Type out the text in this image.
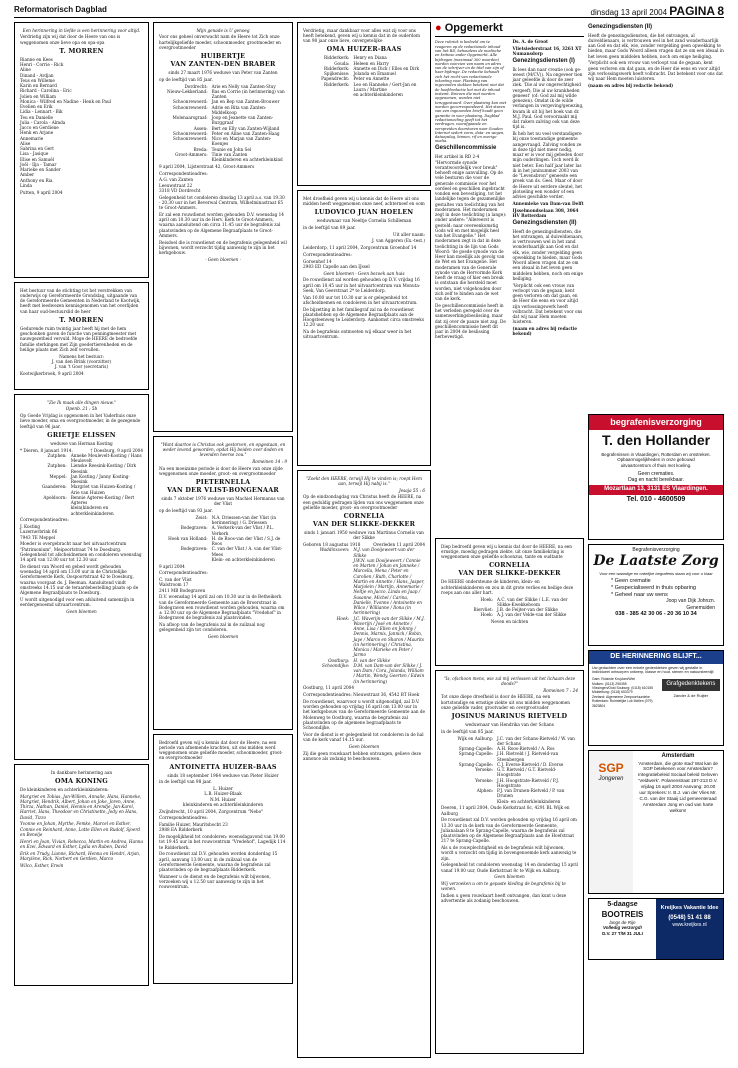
Reformatorisch Dagblad	dinsdag 13 april 2004 PAGINA 8

Een herinnering in liefde is een herinnering voor altijd.

Verdrietig zijn wij dat door de Heere van ons is weggenomen onze lieve opa en opa-opa

T. MORREN

Rianne en Kees
Henri - Corrie - Rick
Aline
Dinand - Ardjan
Teus en Willeme
Karin en Bernard
Richard - Carolina - Eric
Jolien en William
Monica - Wilfred en Nadine - Henk en Paul
Evelien en Erik
Lidia - Lennart - Bik
Teu en Danielle
Julia - Carola - Almda
Jacco en Gerdiene
Henk en Arjane
Annemarie
Alise
Sabrina en Gert
Lisa - Jasique
Elise en Samuël
Joël - Ilja - Tamar
Marieke en Sander
Amber
Anthony en Ria
Linda

Putten, 9 april 2004

Het bestuur van de stichting tot het verstrekken van onderwijs op Gereformeerde Grondslag, uitgaande van de Gereformeerde Gemeenten in Nederland te Kootwijk, heeft met leedwezen kennisgenomen van het overlijden van haar oud-bestuurslid de heer

T. MORREN

Gedurende ruim twintig jaar heeft hij met de hem geschonken gaven de functie van penningmeester met nauwgezetheid vervuld. Moge de HEERE de bedroefde familie sterkingen met Zijn goedertierenheden en de heilige plaats met Zich zelf vervullen.

Namens het bestuur:
J. van den Brink (voorzitter)
J. van 't Goor (secretaris)

Kootwijkerbroek, 9 april 2004

"Zie Ik maak alle dingen nieuw."

Openb. 21 : 5b

Op Goede Vrijdag is opgenomen in het Vaderhuis onze lieve moeder, oma en overgrootmoeder, in de gezegende leeftijd van 96 jaar.

GRIETJE ELISSEN

weduwe van Herman Kosting

* Dieren, 8 januari 1914.	† Doesburg, 9 april 2004
Zutphen: Anneke Meulevelt-Kosting / Hans Meulevelt
Zutphen: Lienske Reesink-Kosting / Dirk Reesink
Meppel: Jan Kosting / Janny Kosting-Reesink
Gaanderen: Margriet van Huizen-Kosting / Arie van Huizen
Apeldoorn: Bennie Agteres-Kosting / Bert Agteres
klein(kinderen en achterkleinkinderen

Correspondentieadres:

J. Kosting
Luzernerbrink 66
7943 TE Meppel

Moeder is overgebracht naar het uitvaartcentrum "Patrimonium", Meipoortstraat 74 te Doesburg. Gelegenheid tot afscheidnemen en condoleren woensdag 14 april van 12.00 uur tot 12.30 uur.

De dienst van Woord en gebed wordt gehouden woensdag 14 april om 13.00 uur in de Christelijke Gereformeerde Kerk, Oospoortstraat 42 te Doesburg, waarna voorgaat ds. J. Beeman. Aansluitend vindt omstreeks 14.15 uur de teraardebestelling plaats op de Algemene Begraafplaats te Doesburg.

U wordt uitgenodigd voor een afsluitend samenzijn in eerdergenoemd uitvaartcentrum.

Geen bloemen

In dankbare herinnering aan

OMA KONING

De kleinkinderen en achterkleinkinderen:

Margriet en Tobias, Jan-Willem, Annalie, Hans, Hanneke, Margriet, Hendrik, Albert, Johan en Joke, Joren, Anne, Thirza, Nathan, Daniel, Hennis en Arendje, Jan-Karel, Harriet, Hans, Theodoor en Christinette, Jody en Hans, David, Tizzo

Yvonne en Johan, Myrthe, Femke, Marcel en Esther, Connie en Reinhard, Anne, Lotte Ellen en Rudolf, Sjoerd en Benelje

Henri en Joan, Vivian, Rebecca, Martin en Andrea, Hanna en Ezei, Edward en Esther, Lydia en Ruben, David

Erik en Trudy, Lianne, Richard, Henna en Hendri, Arjan, Marylène, Rick, Norbert en Gerdien, Marco

Wilco, Esther, Erwin

Mijn genade is U genoeg

Voor ons geheel onverwacht nam de Heere tot Zich onze hartelijkgeliefde moeder, schoonmoeder, grootmoeder en overgrootmoeder

HUIBERTJE

VAN ZANTEN-DEN BRABER

sinds 27 maart 1976 weduwe van Peter van Zanten

op de leeftijd van 85 jaar.

Dordrecht: Arie en Nelly van Zanten-Stuy
Nieuw-Lekkerland: Bas en Corrie (in herinnering) van Zanten
Schoonrewoerd: Jan en Bep van Zanten-Brouwer
Schoonrewoerd: Adrie en Rita van Zanten-Middelkoop
Molenaarsgraaf: Joop en Jeanette van Zanten-Burggraaf
Assen: Bert en Elly van Zanten-Wijland
Schoonrewoerd: Peter en Aline van Zanten-Haag
Schoonrewoerd: Nico en Marjan van Zanten-Koenjes
Breda: Teunie en John Sel
Groot-Ammers: Tinie van Zanten
Kleinkinderen en achterkleinkind

9 april 2004, Lijsterstraat 42, Groot-Ammers

Correspondentieadres:

A.G. van Zanten
Leeuwstraat 22
3318 VD Dordrecht

Gelegenheid tot condoleren dinsdag 13 april a.s. van 19.30 - 20.30 uur in het Beverwal Centrum, Wilhelminastraat 65 te Groot-Ammers.

Er zal een rouwdienst worden gehouden D.V. woensdag 14 april om 10.30 uur in de Herv. Kerk te Groot-Ammers, waarna aansluitend om circa 11.45 uur de begrafenis zal plaatsvinden op de Algemene Begraafplaats te Groot-Ammers.

Reisdoel die is rouwdienst en de begrafenis gelegenheid wil bijwonen, wordt verzocht tijdig aanwezig te zijn in het kerkgebouw.

- Geen bloemen -

"Want daartoe is Christus ook gestorven, en opgestaan, en weder levend geworden, opdat Hij beiden over doden en levenden heerse zou."

Romeinen 14 : 9

Na een moeizame periode is door de Heere van onze zijde weggenomen onze moeder, groot- en overgrootmoeder

PIETERNELLA

VAN DER VLIST-BONGENAAR

sinds 7 oktober 1976 weduwe van Machiel Hermanus van der Vlist

op de leeftijd van 93 jaar.

Zeist: N.A. Driessen-van der Vlist (in herinnering) / G. Driessen
Bodegraven: A. Verkerk-van der Vlist / P.L. Verkerk
Hoek van Holland: H. de Roos-van der Vlist / S.J. de Roos
Bodegraven: C. van der Vlist / A. van der Vlist-Mees
Klein- en achterkleinkinderen

9 april 2004

Correspondentieadres:

C. van der Vlist
Walstroom 17
2411 MB Bodegraven

D.V. woensdag 14 april zal om 10.30 uur in de Betheikerk van de Gereformeerde Gemeente aan de Broerstraat in Bodegraven een rouwdienst worden gehouden, waarna om ± 12.00 uur op de Algemene Begraafplaats "Vredehof" in Bodegraven de begrafenis zal plaatsvinden.

Na afloop van de begrafenis zal in de zuilzaal nog gelegenheid zijn tot condoleren.

Geen bloemen

Bedroefd geven wij u kennis dat door de Heere, na een periode van afnemende krachten, uit ons midden werd weggenomen onze geliefde moeder, schoonmoeder, groot- en overgrootmoeder

ANTOINETTA HUIZER-BAAS

sinds 18 september 1964 weduwe van Pieter Huizer

in de leeftijd van 98 jaar.

L. Huizer
L.B. Huizer-Blaak
N.M. Huizer
kleinkinderen en achterkleinkinderen

Zwijndrecht, 10 april 2004, Zorgcentrum "Nebo"

Correspondentieadres:

Familie Huizer, Mauritsbocht 23
2988 EA Ridderkerk

De mogelijkheid tot condoleren: woensdagavond van 19.00 tot 19.45 uur in het rouwcentrum "Vredehof", Lagedijk 114 te Ridderkerk.

De rouwdienst zal D.V. gehouden worden donderdag 15 april, aanvang 13.00 uur, in de zuilzaal van de Gereformeerde Gemeente, waarna de begrafenis zal plaatsvinden op de begraafplaats Ridderkerk.

Wanneer u de dienst en de begrafenis wilt bijwonen, verzoeken wij u 12.50 uur aanwezig te zijn in het rouwcentrum.

Verdrietig, maar dankbaar voor alles wat zij voor ons heeft betekend, geven wij u kennis dat in de ouderdom van 98 jaar onze lieve, onvergetelijke

OMA HUIZER-BAAS

Ridderkerk: Henry en Diana
Gouda: Heleen en Harry
Ridderkerk: Annette en Dick / Elles en Dirk
Spijkenisse: Jolanda en Emanuel
Papendrecht: Peter en Annette
Ridderkerk: Leo en Hanneke / Gert-Jan en Laura / Martine
en achterkleinkinderen

Met droefheid geven wij u kennis dat de Heere uit ons midden heeft weggenomen onze neef, achterneef en oom

LUDOVICO JUAN HOELEN

weduwnaar van Neeltje Cornelia Schilleman

in de leeftijd van 89 jaar.

Uit aller naam:

J. van Aggeren (Ex.-test.)

Leiderdorp, 11 april 2004, Zorgcentrum Groenhof 14

Correspondentieadres:

Gorsenhof 14
2983 ED Capelle aan den IJssel

Geen bloemen - Geen bezoek aan huis

De rouwdienst zal worden gehouden op D.V. vrijdag 16 april om 10.45 uur in het uitvaartcentrum van Monuta-Seek, Van Geerstraat 2* te Leiderdorp.

Van 10.00 uur tot 10.30 uur is er gelegenheid tot afscheidnemen en condoleren in het uitvaartcentrum.

De bijzetting in het familiegraf zal na de rouwdienst plaatshebben op de Algemene Begraafplaats aan de Hoogsteenweg te Leiderdorp. Aankomst circa omstreeks 12.20 uur.

Na de begrafenis ontmoeten wij elkaar weer in het uitvaartcentrum.

"Zoekt den HEERE, terwijl Hij te vinden is; roept Hem aan, terwijl Hij nabij is."

Jesaja 55 : 6

Op de eindzondagdag van Christus heeft de HEERE, na een geduldig gedragen lijden van ons weggenomen onze geliefde moeder, groot- en overgrootmoeder

CORNELIA

VAN DER SLIKKE-DEKKER

sinds 1 januari 1950 weduwe van Martinus Cornelis van der Slikke

Geboren 18 augustus 1918	Overleden 11 april 2004
Waddinxveen: N.J. van Dooijeweert-van der Slikke
J.W.N. van Dooijeweert / Connie en Marten / Johan en Janneke / Marcella, Mena / Peter en Carolien / Ruth, Charlotte / Martin en Annette / Hans, Jasper, Marjolein / Martijn, Annemarie / Neltje en Jacco, Linda en Jaap / Susanne, Michel / Carina, Danielle, Yvonne / Antoinette en Wilco / Willianne / Ilona (in herinnering)
Hoek: J.C. Waverijn-van der Slikke / M.J. Waverijn / José en Annette / Anne, Lisa / Ellen en Johnny / Dennis, Marnix, Jannick / Robin, Jaye / Marco en Sharon / Maurits (in herinnering) / Christina, Monica / Marieke en Peter / Jarmo
Oostburg: H. van der Slikke
Schoondijke: D.M. van Dam-van der Slikke / J. van Dam / Cora, Jolanda, William / Martin, Wendy, Geerten / Edwin (in herinnering)

Oostburg, 11 april 2004

Correspondentieadres: Nieuwstraat 36, 4542 BT Hoek

De rouwdienst, waarvoor u wordt uitgenodigd, zal D.V. worden gehouden op vrijdag 16 april om 13.00 uur in het kerkgebouw van de Gereformeerde Gemeente aan de Molenweg te Oostburg, waarna de begrafenis zal plaatsvinden op de algemene begraafplaats te Schoondijke.

Voor de dienst is er gelegenheid tot condoleren in de hal van de kerk vanaf 14.15 uur.

Geen bloemen

Zij die geen rouwkaart hebben ontvangen, gelieve deze annonce als zodanig te beschouwen.

● Opgemerkt

Deze rubriek is bedoeld om te reageren op de redactionele inhoud van het RD, behoudens de medische en kritiese ander Opgemerkt. Alle bijdragen (maximaal 300 woorden) worden voorzien van naam en adres van de schrijver en de titel van zijn of haar bijdrage. De redactie behoudt zich het recht van redactionele inkorting voor. Plaatsing van ingezonden stukken betekent niet dat de hoofdredactie het met de inhoud instemt. Brieven die niet worden opgenomen, worden niet teruggestuurd. Over plaatsing kan niet worden gecorrespondeerd. Het sturen van een ingezonden brief houdt geen garantie in voor plaatsing. Dagblad redactioneeling geeft tot het verdragen, voorafgaande en verspreiden doorsturen naar Gouden Internet sedert vorm, data- en wegen, dataopslag, binnen, rif en overige media.

Geschillencommissie

Het artikel in RD 2-4 "Hervormde synode verantwoordelijk voor breuk" behoeft enige aanvulling. Op de vele besturen die voor de generale commissie voor het oordeel en geschillen ingebracht vonden een bevestiging, tot het landelijke tegen de gezamenlijke gestaltes van toelichting van het moderamen. Het moderamen zegt in deze toelichting (a lange): onder andere: "Allereerst is gesteld: naar overeenkomstig Gods wil en met mogelijk heel van het Evangelie." Het moderamen zegt in dat in deze toelichting in de lijn van Gods Woord: 'de goede synode van de Heer kan moeilijk als gevolg van de Wet en het Evangelie. Het moderamen van de Generale synode van de Hervormde Kerk heeft de vraag of hier een breuk is ontstaan die hersteld moet worden, niet volgehouden door zich zelf te binden aan de wet van de kerk.

De geschillencommissie heeft in het verleden geregeld over de samenwerkingsbeslissing, maar dat zij over de pauze niet zag. De geschillencommissie heeft dit jaar in 2004 de beslissing herbevestigd.

Ds. A. de Groot

Vlietsiederstraat 16, 3261 XT Numansdorp

Genezingsdiensten (I)

Ik lees dan naar creatie (ook ge-weest (M/CV)). Na ongeveer tien jaar geleefde ik door de zeer ziek. 'Die al uw ongerechtigheid vergeeft; Die al uw krankheden geneest' (of: God zal mij wilde genezen). Omdat ik de wilde verlangen in vergeving/genezing, kwam ik uit bij het boek van dr. M.J. Paul. God veroorzaakt mij dat rakers zalving ook van deze tijd is.

Ik heb het nu veel verstandigere bij onze toestandige gemeente aangevraagd. Zalving vonden ze in deze tijd niet meer nodig, maar er is voor mij gebeden door mijn ouderlingen. Toch werd ik niet beter. Een half jaar later las ik in het juninummer 2003 van de "Levensbron" geneeste een preek van ds. Geel. Maar of door de Heere uit eerdere sleutel, het plotseling een wonder of een advies geschikte verder.

Annemieke van Dam-van Delft

IJsselmondselaan 308, 3064 HV Rotterdam

Genezingsdiensten (II)

Heeft de genezingsdiensten, die het ontvangen, al duiveldienaars, is vertrouwen wel in het zand wonderbaarlijk aan God en dat elk, wie, zonder vergelding geen opwekking te bieden, maar Gods Woord alleen vragen dat ze om een ideaal in het leven geen middelen hebben, noch om enige heiliging.

'Verplicht ook een vrouw van verloopt van de gegaan, kent geen verloren om dat gaan, en de Heer die eens en voor altijd zijn verlossingswerk heeft volbracht. Dat betekent voor ons dat wij naar Hem moeten luisteren.

(naam en adres bij redactie bekend)

Diep bedroefd geven wij u kennis dat door de HEERE, na een ernstige, moedig gedragen ziekte, uit onze familiekring is weggenomen onze geliefde schoonzus, tante en oudtante

CORNELIA

VAN DER SLIKKE-DEKKER

De HEERE ondersteune de kinderen, klein- en achterkleinkinderen en zou in dit grote verlies en heilige deze roeps aan ons aller hart.

Hoek: A.C. van der Slikke / L.E. van der Slikke-Kwekkeboom
Biervliet: J.B. de Feijter-van der Slikke
Hoek: A.J. van der Velde-van der Slikke

Neven en nichten

"Is, ofschoon mens, wie zal mij verlossen uit het lichaam deze doods?"

Romeinen 7 : 24

Tot onze diepe droefheid is door de HEERE, na een kortstondige en ernstige ziekte uit ons midden weggenomen onze geliefde vader, grootvader en overgrootvader

JOSINUS MARINUS RIETVELD

weduwnaar van Hendrika van der Schans

in de leeftijd van 85 jaar.

Wijk en Aalburg: J.C. van der Schans-Rietveld / W. van der Schans
Sprang-Capelle: A.H. Roos-Rietveld / A. Ros
Sprang-Capelle: J.H. Rietveld / J. Rietveld-van Steenbergen
Sprang-Capelle: C.J. Everse-Rietveld / D. Everse
Yerseke: G.T. Rietveld / G.T. Rietveld-Hoogstrate
Yerseke: J.H. Hoogstrate-Rietveld / P.J. Hoogstrate
Alphen: P.J. van Drunen-Rietveld / P. van Drunen
Klein- en achterkleinkinderen

Deeren, 11 april 2004, Oude Kerkstraat 8c, 4291 BL Wijk en Aalburg

De rouwdienst zal D.V. worden gehouden op vrijdag 16 april om 13.30 uur in de kerk van de Gereformeerde Gemeente, Julianalaan 8 te Sprang-Capelle, waarna de begrafenis zal plaatsvinden op de Algemene Begraafplaats aan de Hoefstraat 217 te Sprang-Capelle.

Als u de rouwplechtigheid en de begrafenis wilt bijwonen, wordt u verzocht om tijdig in bovengenoemde kerk aanwezig te zijn.

Gelegenheid tot condoleren woensdag 14 en donderdag 15 april vanaf 19.00 uur, Oude Kerkstraat 8c te Wijk en Aalburg.

Geen bloemen

Wij verzoeken u om te gepaste kleding de begrafenis bij te wonen.

Indien u geen rouwkaart heeft ontvangen, dan kunt u deze advertentie als zodanig beschouwen.

Genezingsdiensten (II)

Heeft de genezingsdiensten, die het ontvangen, al duiveldienaars, is vertrouwen wel in het zand wonderbaarlijk aan God en dat elk, wie, zonder vergelding geen opwekking te bieden, maar Gods Woord alleen vragen dat ze om een ideaal in het leven geen middelen hebben, noch om enige heiliging.

'Verplicht ook een vrouw van verloopt van de gegaan, kent geen verloren om dat gaan, en de Heer die eens en voor altijd zijn verlossingswerk heeft volbracht. Dat betekent voor ons dat wij naar Hem moeten luisteren.

(naam en adres bij redactie bekend)

begrafenisverzorging
T. den Hollander
Begrafenissen in Vlaardingen, Rotterdam en omstreken.
Opbaarmogelijkheden in onze gebouwd
uitvaartcentrum of thuis met koeling.
Geen crematies.
Dag en nacht bereikbaar.
Mozartlaan 13, 3131 ES Vlaardingen.
Tel. 010 - 4600509
Begrafenisverzorging
De Laatste Zorg
Voor een waardige en ordelijke begrafenis staan wij voor u klaar
* Geen crematie
* Gespecialiseerd in thuis opbaring
* Geheel naar uw wens
Joop van Dijk Johnzn.
Genemuiden
038 - 385 42 30 06 - 20 36 10 34
DE HERINNERING BLIJFT...
Uw gedachten over een enkele gedenkteken geven wij gestalte in individueel ontworpen ontwerp, klasse en hout, stenen en natuursteenlijf.
Gam: Rolande Krujdum/Wiel
Molken: (0113) 296355
Vlissingen/Oost Souburg: (0118) 610155
Middelburg: (0118) 653379
Zeeland: Algemeene Zeepoortuurdeke
Rotterdam: Ruimtelijke Lok Mellen (079) 3823804
Grafgedenktekens
Zander & de Ruijter
SGP
Jongeren
Amsterdam
'Amsterdam, die grote stad' Wat kan de SGP betekenen voor Amsterdam? Integratiebeleid Sociaal beleid Geloven 'Veldwerk'. Polanenstraat 197-213 D.V. vrijdag 16 april 2004 Aanvang: 20.00 uur Sprekers: Ir. B.J. van der Vlies Mr. C.G. van der Staaij Lid gemeenteraad Amsterdam Jong en oud van harte welkom!
5-daagse
BOOTREIS
langs de Rijn
Volledig verzorgd!
D.V. 27 T/M 31 JULI
Kreijkes Vakantie Idee
(0548) 51 41 88
www.kreijkes.nl
